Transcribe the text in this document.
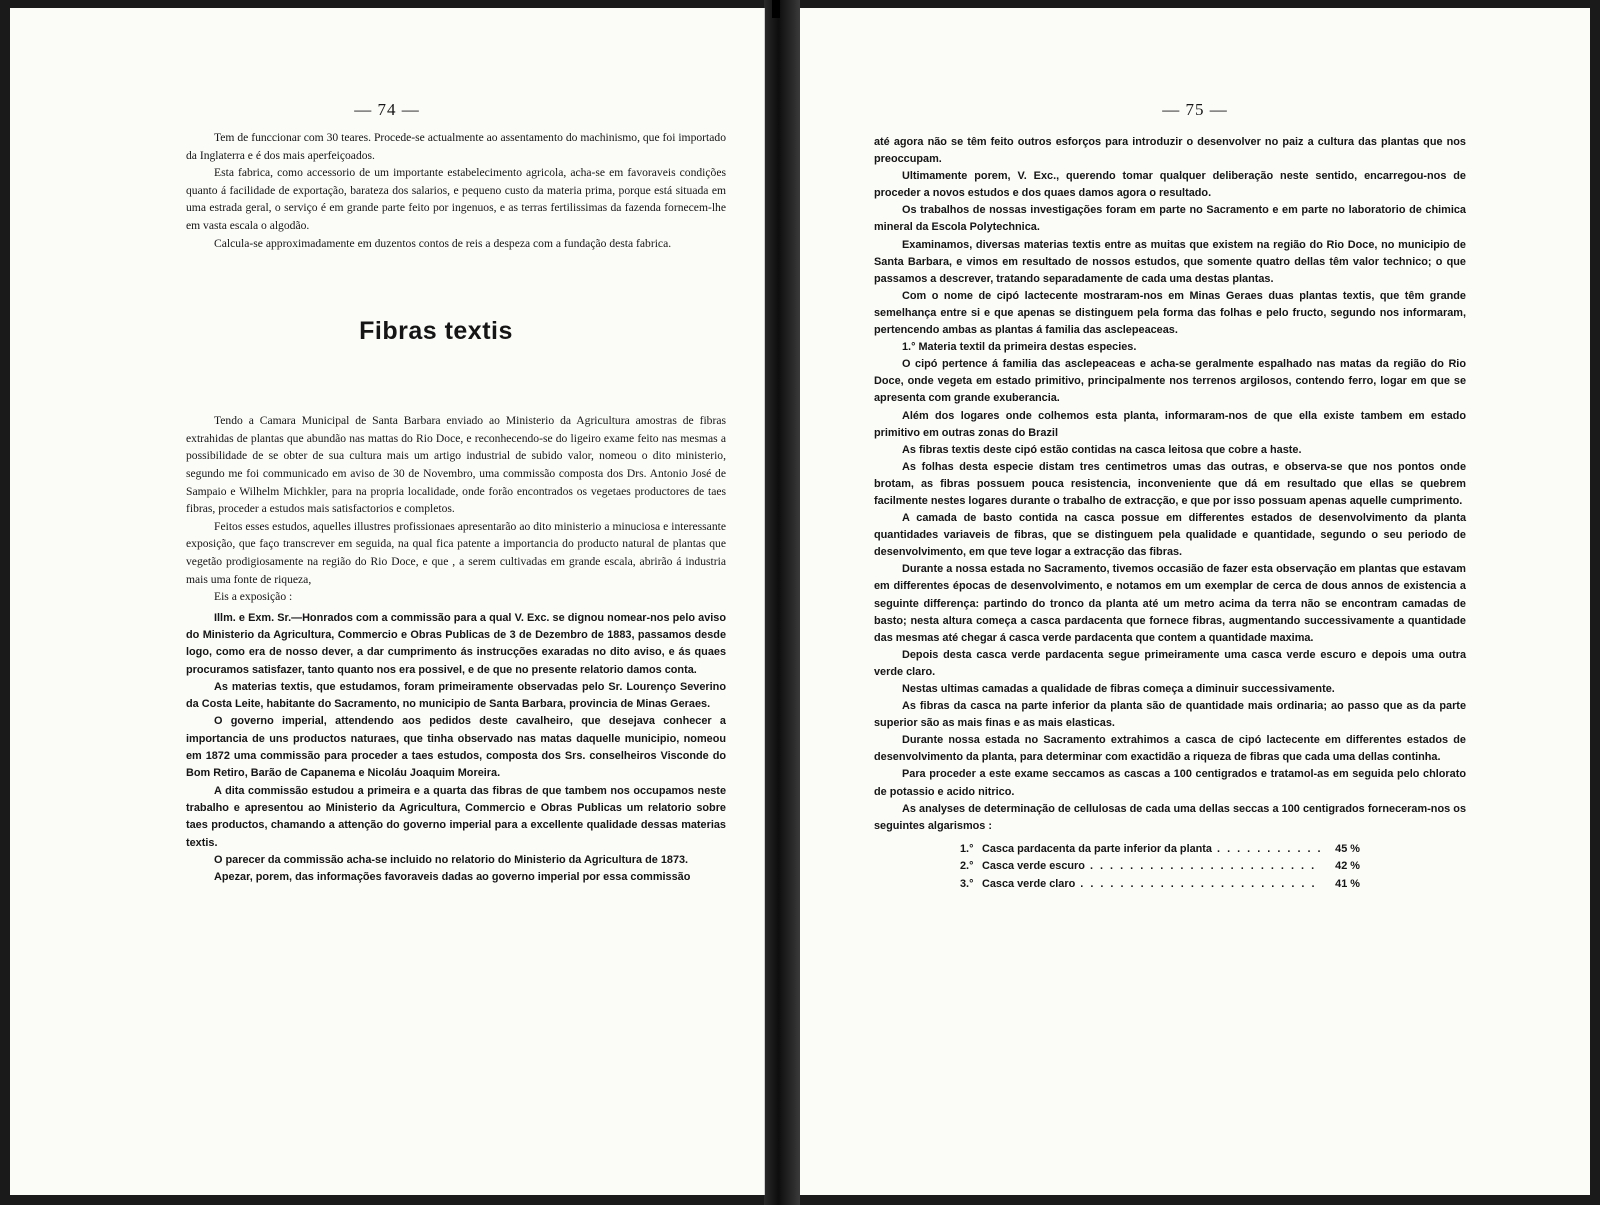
— 74 —

Tem de funccionar com 30 teares. Procede-se actualmente ao assentamento do machinismo, que foi importado da Inglaterra e é dos mais aperfeiçoados.

Esta fabrica, como accessorio de um importante estabelecimento agricola, acha-se em favoraveis condições quanto á facilidade de exportação, barateza dos salarios, e pequeno custo da materia prima, porque está situada em uma estrada geral, o serviço é em grande parte feito por ingenuos, e as terras fertilissimas da fazenda fornecem-lhe em vasta escala o algodão.

Calcula-se approximadamente em duzentos contos de reis a despeza com a fundação desta fabrica.

Fibras textis

Tendo a Camara Municipal de Santa Barbara enviado ao Ministerio da Agricultura amostras de fibras extrahidas de plantas que abundão nas mattas do Rio Doce, e reconhecendo-se do ligeiro exame feito nas mesmas a possibilidade de se obter de sua cultura mais um artigo industrial de subido valor, nomeou o dito ministerio, segundo me foi communicado em aviso de 30 de Novembro, uma commissão composta dos Drs. Antonio José de Sampaio e Wilhelm Michkler, para na propria localidade, onde forão encontrados os vegetaes productores de taes fibras, proceder a estudos mais satisfactorios e completos.

Feitos esses estudos, aquelles illustres profissionaes apresentarão ao dito ministerio a minuciosa e interessante exposição, que faço transcrever em seguida, na qual fica patente a importancia do producto natural de plantas que vegetão prodigiosamente na região do Rio Doce, e que , a serem cultivadas em grande escala, abrirão á industria mais uma fonte de riqueza,

Eis a exposição :

Illm. e Exm. Sr.—Honrados com a commissão para a qual V. Exc. se dignou nomear-nos pelo aviso do Ministerio da Agricultura, Commercio e Obras Publicas de 3 de Dezembro de 1883, passamos desde logo, como era de nosso dever, a dar cumprimento ás instrucções exaradas no dito aviso, e ás quaes procuramos satisfazer, tanto quanto nos era possivel, e de que no presente relatorio damos conta.

As materias textis, que estudamos, foram primeiramente observadas pelo Sr. Lourenço Severino da Costa Leite, habitante do Sacramento, no municipio de Santa Barbara, provincia de Minas Geraes.

O governo imperial, attendendo aos pedidos deste cavalheiro, que desejava conhecer a importancia de uns productos naturaes, que tinha observado nas matas daquelle municipio, nomeou em 1872 uma commissão para proceder a taes estudos, composta dos Srs. conselheiros Visconde do Bom Retiro, Barão de Capanema e Nicoláu Joaquim Moreira.

A dita commissão estudou a primeira e a quarta das fibras de que tambem nos occupamos neste trabalho e apresentou ao Ministerio da Agricultura, Commercio e Obras Publicas um relatorio sobre taes productos, chamando a attenção do governo imperial para a excellente qualidade dessas materias textis.

O parecer da commissão acha-se incluido no relatorio do Ministerio da Agricultura de 1873.

Apezar, porem, das informações favoraveis dadas ao governo imperial por essa commissão

— 75 —

até agora não se têm feito outros esforços para introduzir o desenvolver no paiz a cultura das plantas que nos preoccupam.

Ultimamente porem, V. Exc., querendo tomar qualquer deliberação neste sentido, encarregou-nos de proceder a novos estudos e dos quaes damos agora o resultado.

Os trabalhos de nossas investigações foram em parte no Sacramento e em parte no laboratorio de chimica mineral da Escola Polytechnica.

Examinamos, diversas materias textis entre as muitas que existem na região do Rio Doce, no municipio de Santa Barbara, e vimos em resultado de nossos estudos, que somente quatro dellas têm valor technico; o que passamos a descrever, tratando separadamente de cada uma destas plantas.

Com o nome de cipó lactecente mostraram-nos em Minas Geraes duas plantas textis, que têm grande semelhança entre si e que apenas se distinguem pela forma das folhas e pelo fructo, segundo nos informaram, pertencendo ambas as plantas á familia das asclepeaceas.

1.° Materia textil da primeira destas especies.

O cipó pertence á familia das asclepeaceas e acha-se geralmente espalhado nas matas da região do Rio Doce, onde vegeta em estado primitivo, principalmente nos terrenos argilosos, contendo ferro, logar em que se apresenta com grande exuberancia.

Além dos logares onde colhemos esta planta, informaram-nos de que ella existe tambem em estado primitivo em outras zonas do Brazil

As fibras textis deste cipó estão contidas na casca leitosa que cobre a haste.

As folhas desta especie distam tres centimetros umas das outras, e observa-se que nos pontos onde brotam, as fibras possuem pouca resistencia, inconveniente que dá em resultado que ellas se quebrem facilmente nestes logares durante o trabalho de extracção, e que por isso possuam apenas aquelle cumprimento.

A camada de basto contida na casca possue em differentes estados de desenvolvimento da planta quantidades variaveis de fibras, que se distinguem pela qualidade e quantidade, segundo o seu periodo de desenvolvimento, em que teve logar a extracção das fibras.

Durante a nossa estada no Sacramento, tivemos occasião de fazer esta observação em plantas que estavam em differentes épocas de desenvolvimento, e notamos em um exemplar de cerca de dous annos de existencia a seguinte differença: partindo do tronco da planta até um metro acima da terra não se encontram camadas de basto; nesta altura começa a casca pardacenta que fornece fibras, augmentando successivamente a quantidade das mesmas até chegar á casca verde pardacenta que contem a quantidade maxima.

Depois desta casca verde pardacenta segue primeiramente uma casca verde escuro e depois uma outra verde claro.

Nestas ultimas camadas a qualidade de fibras começa a diminuir successivamente.

As fibras da casca na parte inferior da planta são de quantidade mais ordinaria; ao passo que as da parte superior são as mais finas e as mais elasticas.

Durante nossa estada no Sacramento extrahimos a casca de cipó lactecente em differentes estados de desenvolvimento da planta, para determinar com exactidão a riqueza de fibras que cada uma dellas continha.

Para proceder a este exame seccamos as cascas a 100 centigrados e tratamol-as em seguida pelo chlorato de potassio e acido nitrico.

As analyses de determinação de cellulosas de cada uma dellas seccas a 100 centigrados forneceram-nos os seguintes algarismos :

1.° Casca pardacenta da parte inferior da planta . . .	45 %
2.° Casca verde escuro . . .	42 %
3.° Casca verde claro . . .	41 %
